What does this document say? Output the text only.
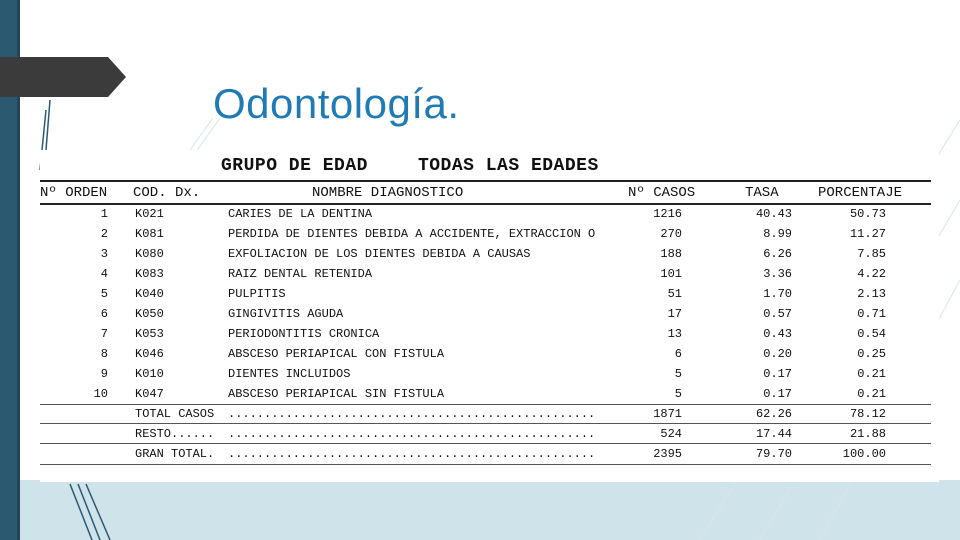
Odontología.
GRUPO DE EDAD	TODAS LAS EDADES
Nº ORDEN COD. Dx.	NOMBRE DIAGNOSTICO	Nº CASOS	TASA	PORCENTAJE
1 K021	CARIES DE LA DENTINA	1216	40.43	50.73
2 K081	PERDIDA DE DIENTES DEBIDA A ACCIDENTE, EXTRACCION O	270	8.99	11.27
3 K080	EXFOLIACION DE LOS DIENTES DEBIDA A CAUSAS	188	6.26	7.85
4 K083	RAIZ DENTAL RETENIDA	101	3.36	4.22
5 K040	PULPITIS	51	1.70	2.13
6 K050	GINGIVITIS AGUDA	17	0.57	0.71
7 K053	PERIODONTITIS CRONICA	13	0.43	0.54
8 K046	ABSCESO PERIAPICAL CON FISTULA	6	0.20	0.25
9 K010	DIENTES INCLUIDOS	5	0.17	0.21
10 K047	ABSCESO PERIAPICAL SIN FISTULA	5	0.17	0.21
TOTAL CASOS ...................................................	1871	62.26	78.12
RESTO...... ...................................................	524	17.44	21.88
GRAN TOTAL. ...................................................	2395	79.70	100.00
